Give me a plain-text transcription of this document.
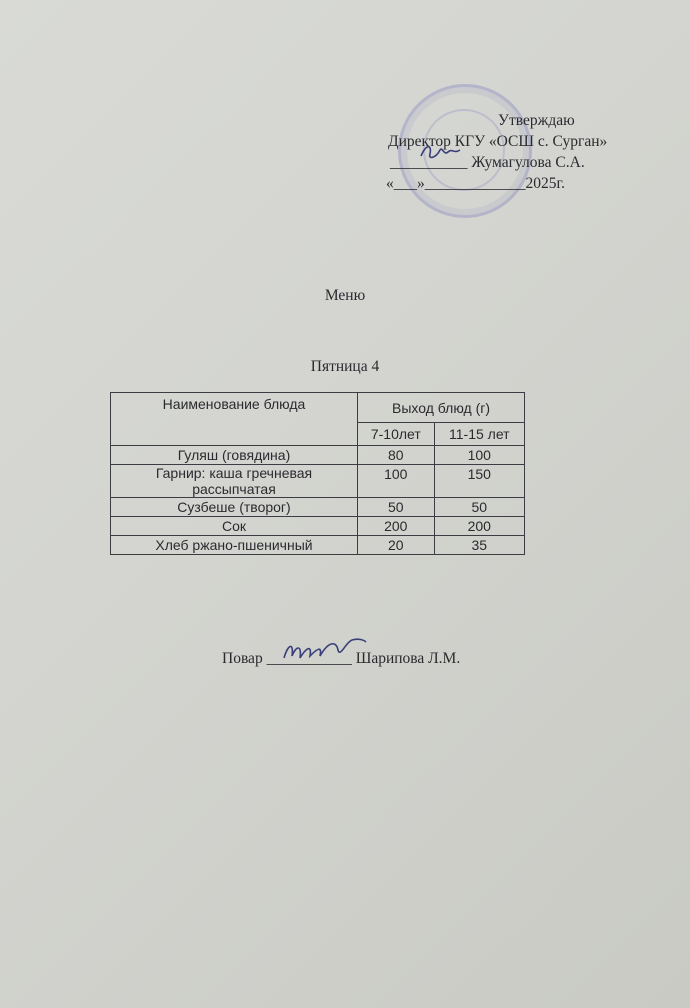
Утверждаю
Директор КГУ «ОСШ с. Сурган»
__________ Жумагулова С.А.
«___»_____________2025г.
Меню
Пятница 4
Наименование блюда	Выход блюд (г)	
	7-10лет	11-15 лет
Гуляш (говядина)	80	100
Гарнир: каша гречневая рассыпчатая	100	150
Сузбеше (творог)	50	50
Сок	200	200
Хлеб ржано-пшеничный	20	35
Повар ___________ Шарипова Л.М.
